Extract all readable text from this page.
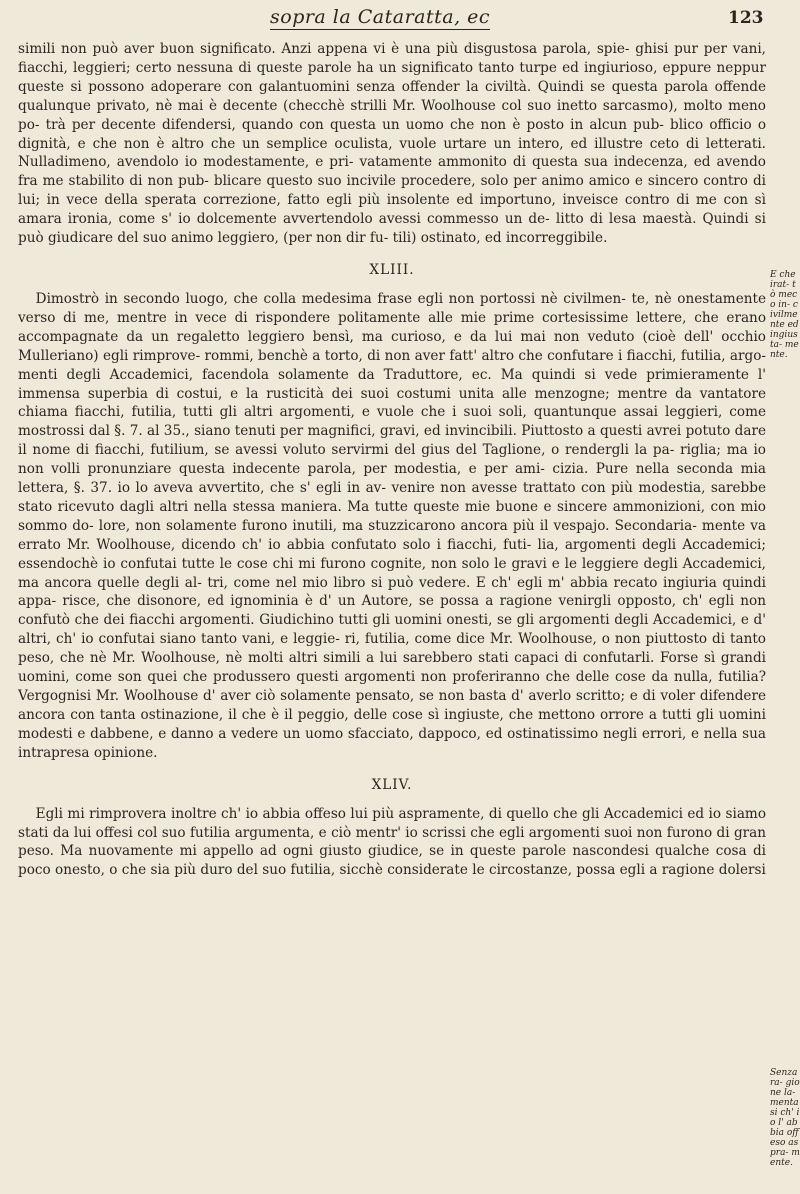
sopra la Cataratta, ec	123

simili non può aver buon significato. Anzi appena vi è una più disgustosa parola, spie- ghisi pur per vani, fiacchi, leggieri; certo nessuna di queste parole ha un significato tanto turpe ed ingiurioso, eppure neppur queste si possono adoperare con galantuomini senza offender la civiltà. Quindi se questa parola offende qualunque privato, nè mai è decente (checchè strilli Mr. Woolhouse col suo inetto sarcasmo), molto meno po- trà per decente difendersi, quando con questa un uomo che non è posto in alcun pub- blico officio o dignità, e che non è altro che un semplice oculista, vuole urtare un intero, ed illustre ceto di letterati. Nulladimeno, avendolo io modestamente, e pri- vatamente ammonito di questa sua indecenza, ed avendo fra me stabilito di non pub- blicare questo suo incivile procedere, solo per animo amico e sincero contro di lui; in vece della sperata correzione, fatto egli più insolente ed importuno, inveisce contro di me con sì amara ironia, come s' io dolcemente avvertendolo avessi commesso un de- litto di lesa maestà. Quindi si può giudicare del suo animo leggiero, (per non dir fu- tili) ostinato, ed incorreggibile.

XLIII.

Dimostrò in secondo luogo, che colla medesima frase egli non portossi nè civilmen- te, nè onestamente verso di me, mentre in vece di rispondere politamente alle mie prime cortesissime lettere, che erano accompagnate da un regaletto leggiero bensì, ma curioso, e da lui mai non veduto (cioè dell' occhio Mulleriano) egli rimprove- rommi, benchè a torto, di non aver fatt' altro che confutare i fiacchi, futilia, argo- menti degli Accademici, facendola solamente da Traduttore, ec. Ma quindi si vede primieramente l' immensa superbia di costui, e la rusticità dei suoi costumi unita alle menzogne; mentre da vantatore chiama fiacchi, futilia, tutti gli altri argomenti, e vuole che i suoi soli, quantunque assai leggieri, come mostrossi dal §. 7. al 35., siano tenuti per magnifici, gravi, ed invincibili. Piuttosto a questi avrei potuto dare il nome di fiacchi, futilium, se avessi voluto servirmi del gius del Taglione, o rendergli la pa- riglia; ma io non volli pronunziare questa indecente parola, per modestia, e per ami- cizia. Pure nella seconda mia lettera, §. 37. io lo aveva avvertito, che s' egli in av- venire non avesse trattato con più modestia, sarebbe stato ricevuto dagli altri nella stessa maniera. Ma tutte queste mie buone e sincere ammonizioni, con mio sommo do- lore, non solamente furono inutili, ma stuzzicarono ancora più il vespajo. Secondaria- mente va errato Mr. Woolhouse, dicendo ch' io abbia confutato solo i fiacchi, futi- lia, argomenti degli Accademici; essendochè io confutai tutte le cose chi mi furono cognite, non solo le gravi e le leggiere degli Accademici, ma ancora quelle degli al- tri, come nel mio libro si può vedere. E ch' egli m' abbia recato ingiuria quindi appa- risce, che disonore, ed ignominia è d' un Autore, se possa a ragione venirgli opposto, ch' egli non confutò che dei fiacchi argomenti. Giudichino tutti gli uomini onesti, se gli argomenti degli Accademici, e d' altri, ch' io confutai siano tanto vani, e leggie- ri, futilia, come dice Mr. Woolhouse, o non piuttosto di tanto peso, che nè Mr. Woolhouse, nè molti altri simili a lui sarebbero stati capaci di confutarli. Forse sì grandi uomini, come son quei che produssero questi argomenti non proferiranno che delle cose da nulla, futilia? Vergognisi Mr. Woolhouse d' aver ciò solamente pensato, se non basta d' averlo scritto; e di voler difendere ancora con tanta ostinazione, il che è il peggio, delle cose sì ingiuste, che mettono orrore a tutti gli uomini modesti e dabbene, e danno a vedere un uomo sfacciato, dappoco, ed ostinatissimo negli errori, e nella sua intrapresa opinione.

XLIV.

Egli mi rimprovera inoltre ch' io abbia offeso lui più aspramente, di quello che gli Accademici ed io siamo stati da lui offesi col suo futilia argumenta, e ciò mentr' io scrissi che egli argomenti suoi non furono di gran peso. Ma nuovamente mi appello ad ogni giusto giudice, se in queste parole nascondesi qualche cosa di poco onesto, o che sia più duro del suo futilia, sicchè considerate le circostanze, possa egli a ragione dolersi

E che irat- tò meco in- civilmente ed ingiusta- mente.
Senza ra- gione la- mentasi ch' io l' abbia offeso aspra- mente.
